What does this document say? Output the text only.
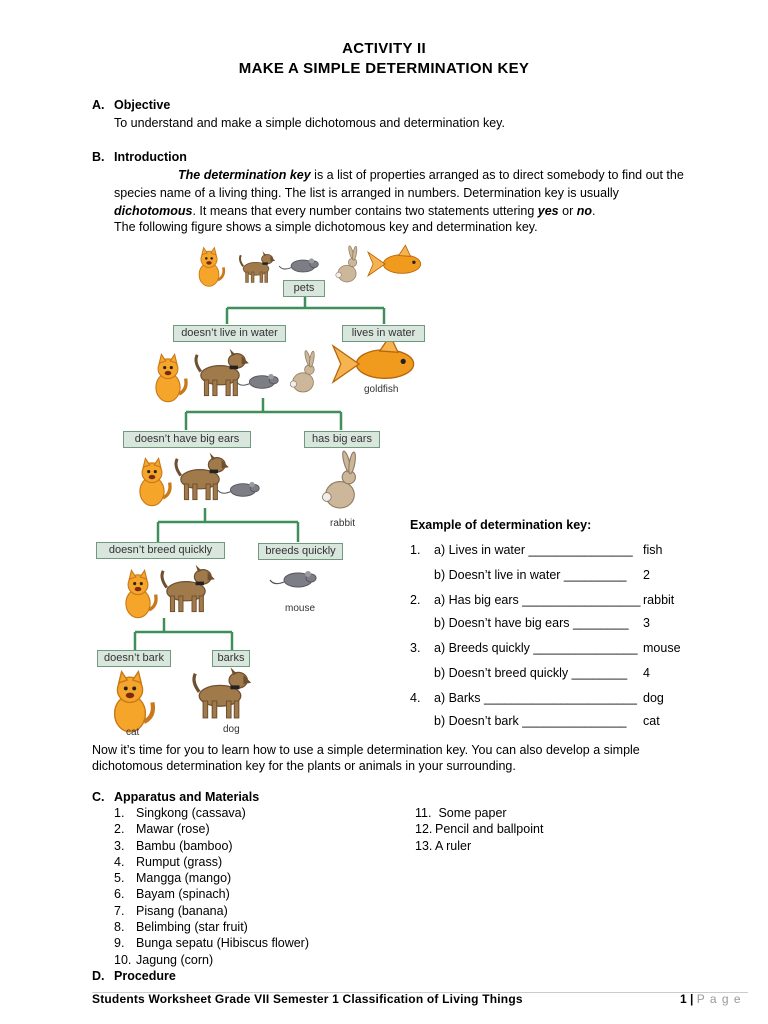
ACTIVITY II
MAKE A SIMPLE DETERMINATION KEY
A. Objective
To understand and make a simple dichotomous and determination key.
B. Introduction
The determination key is a list of properties arranged as to direct somebody to find out the
species name of a living thing. The list is arranged in numbers. Determination key is usually
dichotomous. It means that every number contains two statements uttering yes or no.
The following figure shows a simple dichotomous key and determination key.
pets
doesn’t live in water	lives in water
doesn’t have big ears	has big ears
doesn’t breed quickly	breeds quickly
doesn’t bark	barks
goldfish
rabbit
mouse
cat	dog
Example of determination key:
1. a) Lives in water _______________ fish
b) Doesn’t live in water _________ 2
2. a) Has big ears _________________ rabbit
b) Doesn’t have big ears ________ 3
3. a) Breeds quickly _______________ mouse
b) Doesn’t breed quickly ________ 4
4. a) Barks ______________________ dog
b) Doesn’t bark _______________ cat
Now it’s time for you to learn how to use a simple determination key. You can also develop a simple
dichotomous determination key for the plants or animals in your surrounding.
C. Apparatus and Materials
1. Singkong (cassava)
2. Mawar (rose)
3. Bambu (bamboo)
4. Rumput (grass)
5. Mangga (mango)
6. Bayam (spinach)
7. Pisang (banana)
8. Belimbing (star fruit)
9. Bunga sepatu (Hibiscus flower)
10. Jagung (corn)
11. Some paper
12. Pencil and ballpoint
13. A ruler
D. Procedure
Students Worksheet Grade VII Semester 1 Classification of Living Things	1 | P a g e
